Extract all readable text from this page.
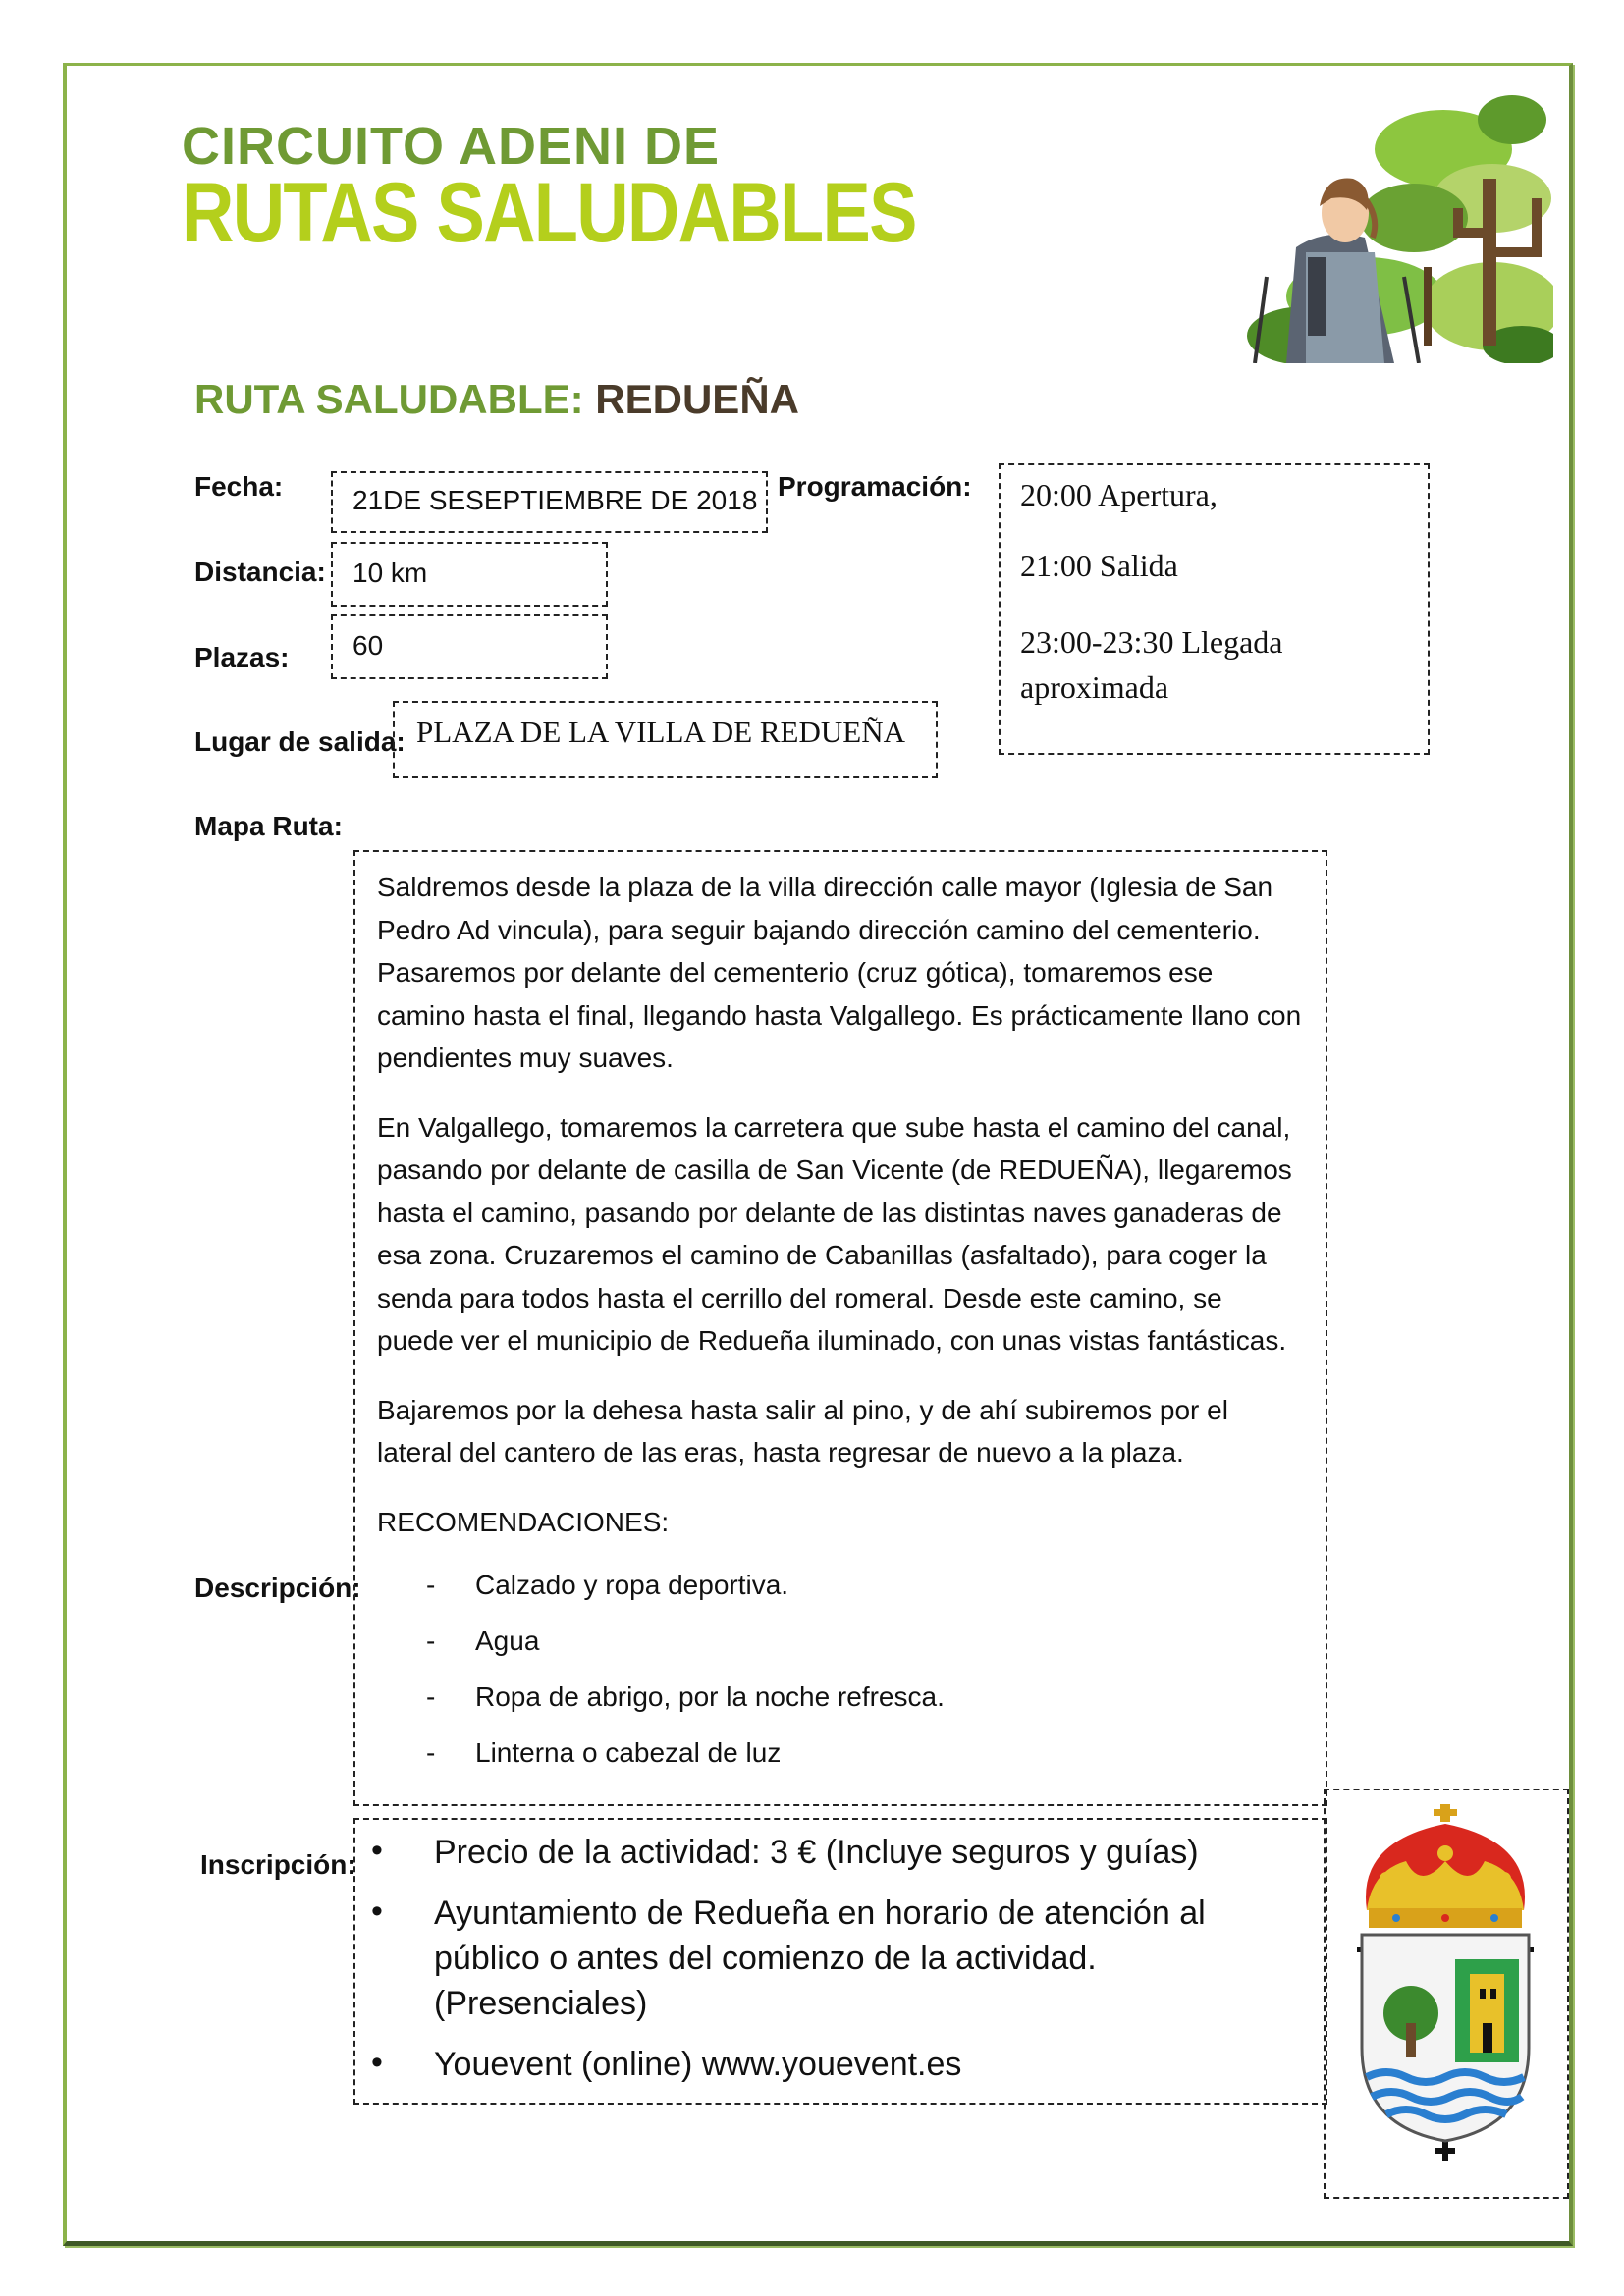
CIRCUITO ADENI DE
RUTAS SALUDABLES
RUTA SALUDABLE: REDUEÑA
Fecha:	21DE SESEPTIEMBRE DE 2018 Programación: 20:00 Apertura,
21:00 Salida
23:00-23:30 Llegada aproximada
Distancia: 10 km
Plazas: 60
Lugar de salida: PLAZA DE LA VILLA DE REDUEÑA
Mapa Ruta:
Descripción:

Saldremos desde la plaza de la villa dirección calle mayor (Iglesia de San Pedro Ad vincula), para seguir bajando dirección camino del cementerio. Pasaremos por delante del cementerio (cruz gótica), tomaremos ese camino hasta el final, llegando hasta Valgallego. Es prácticamente llano con pendientes muy suaves.

En Valgallego, tomaremos la carretera que sube hasta el camino del canal, pasando por delante de casilla de San Vicente (de REDUEÑA), llegaremos hasta el camino, pasando por delante de las distintas naves ganaderas de esa zona. Cruzaremos el camino de Cabanillas (asfaltado), para coger la senda para todos hasta el cerrillo del romeral. Desde este camino, se puede ver el municipio de Redueña iluminado, con unas vistas fantásticas.

Bajaremos por la dehesa hasta salir al pino, y de ahí subiremos por el lateral del cantero de las eras, hasta regresar de nuevo a la plaza.

RECOMENDACIONES:

- Calzado y ropa deportiva.
- Agua
- Ropa de abrigo, por la noche refresca.
- Linterna o cabezal de luz
Inscripción: • Precio de la actividad: 3 € (Incluye seguros y guías)
• Ayuntamiento de Redueña en horario de atención al público o antes del comienzo de la actividad. (Presenciales)
• Youevent (online) www.youevent.es
